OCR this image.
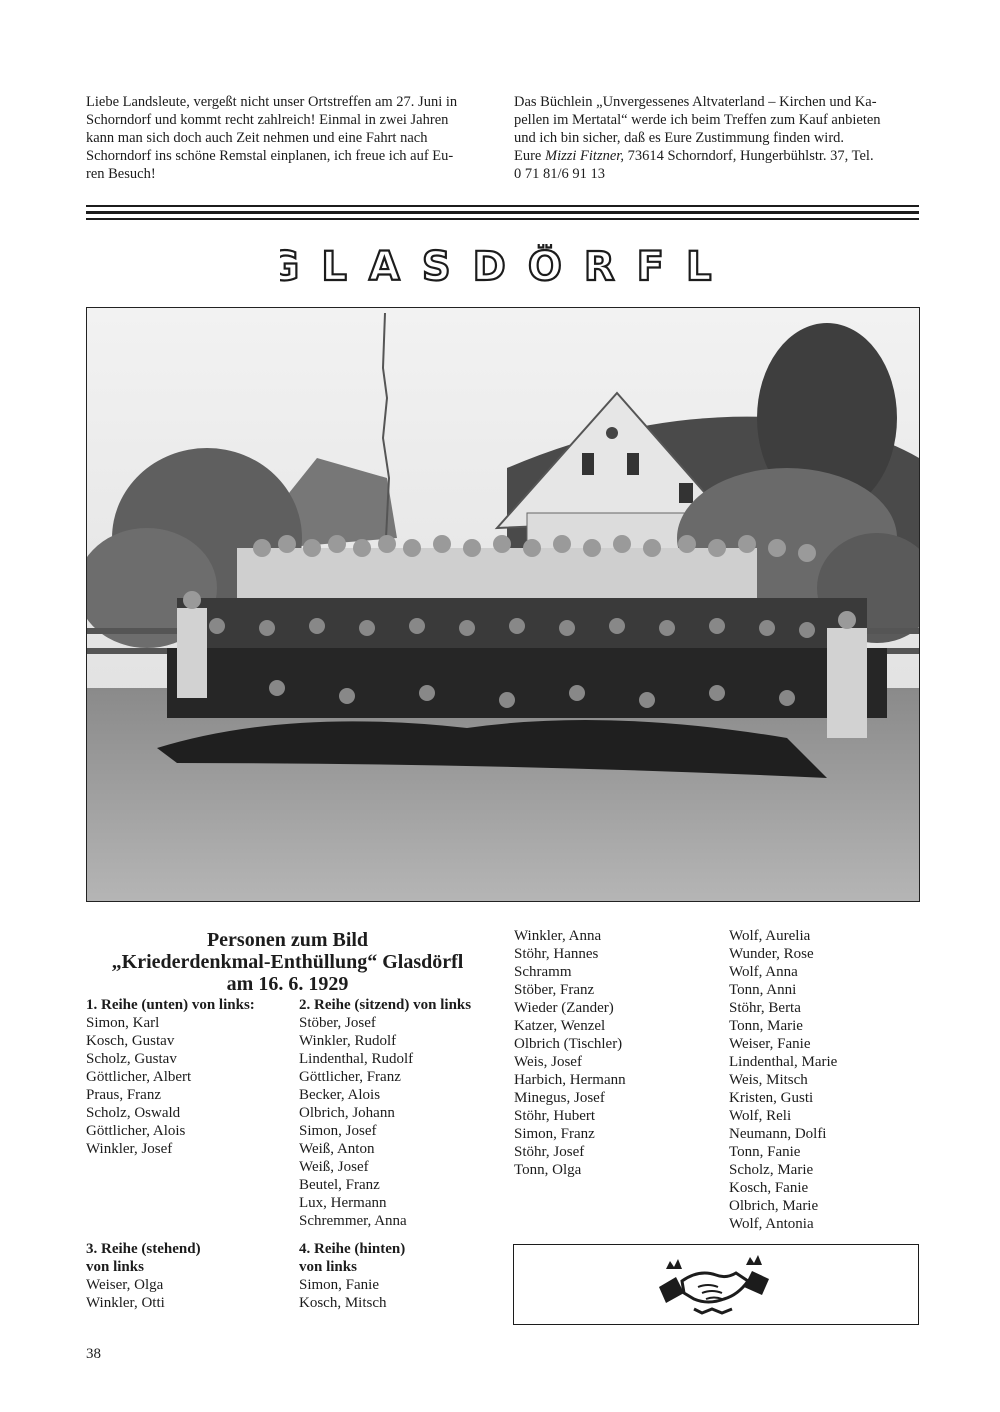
Liebe Landsleute, vergeßt nicht unser Ortstreffen am 27. Juni in
Schorndorf und kommt recht zahlreich! Einmal in zwei Jahren
kann man sich doch auch Zeit nehmen und eine Fahrt nach
Schorndorf ins schöne Remstal einplanen, ich freue ich auf Eu-
ren Besuch!
Das Büchlein „Unvergessenes Altvaterland – Kirchen und Ka-
pellen im Mertatal“ werde ich beim Treffen zum Kauf anbieten
und ich bin sicher, daß es Eure Zustimmung finden wird.
Eure Mizzi Fitzner, 73614 Schorndorf, Hungerbühlstr. 37, Tel.
0 71 81/6 91 13
GLASDÖRFL
Personen zum Bild
„Kriederdenkmal-Enthüllung“ Glasdörfl
am 16. 6. 1929
1. Reihe (unten) von links:
Simon, Karl
Kosch, Gustav
Scholz, Gustav
Göttlicher, Albert
Praus, Franz
Scholz, Oswald
Göttlicher, Alois
Winkler, Josef
2. Reihe (sitzend) von links
Stöber, Josef
Winkler, Rudolf
Lindenthal, Rudolf
Göttlicher, Franz
Becker, Alois
Olbrich, Johann
Simon, Josef
Weiß, Anton
Weiß, Josef
Beutel, Franz
Lux, Hermann
Schremmer, Anna
3. Reihe (stehend)
von links
Weiser, Olga
Winkler, Otti
4. Reihe (hinten)
von links
Simon, Fanie
Kosch, Mitsch
Winkler, Anna
Stöhr, Hannes
Schramm
Stöber, Franz
Wieder (Zander)
Katzer, Wenzel
Olbrich (Tischler)
Weis, Josef
Harbich, Hermann
Minegus, Josef
Stöhr, Hubert
Simon, Franz
Stöhr, Josef
Tonn, Olga
Wolf, Aurelia
Wunder, Rose
Wolf, Anna
Tonn, Anni
Stöhr, Berta
Tonn, Marie
Weiser, Fanie
Lindenthal, Marie
Weis, Mitsch
Kristen, Gusti
Wolf, Reli
Neumann, Dolfi
Tonn, Fanie
Scholz, Marie
Kosch, Fanie
Olbrich, Marie
Wolf, Antonia
38
